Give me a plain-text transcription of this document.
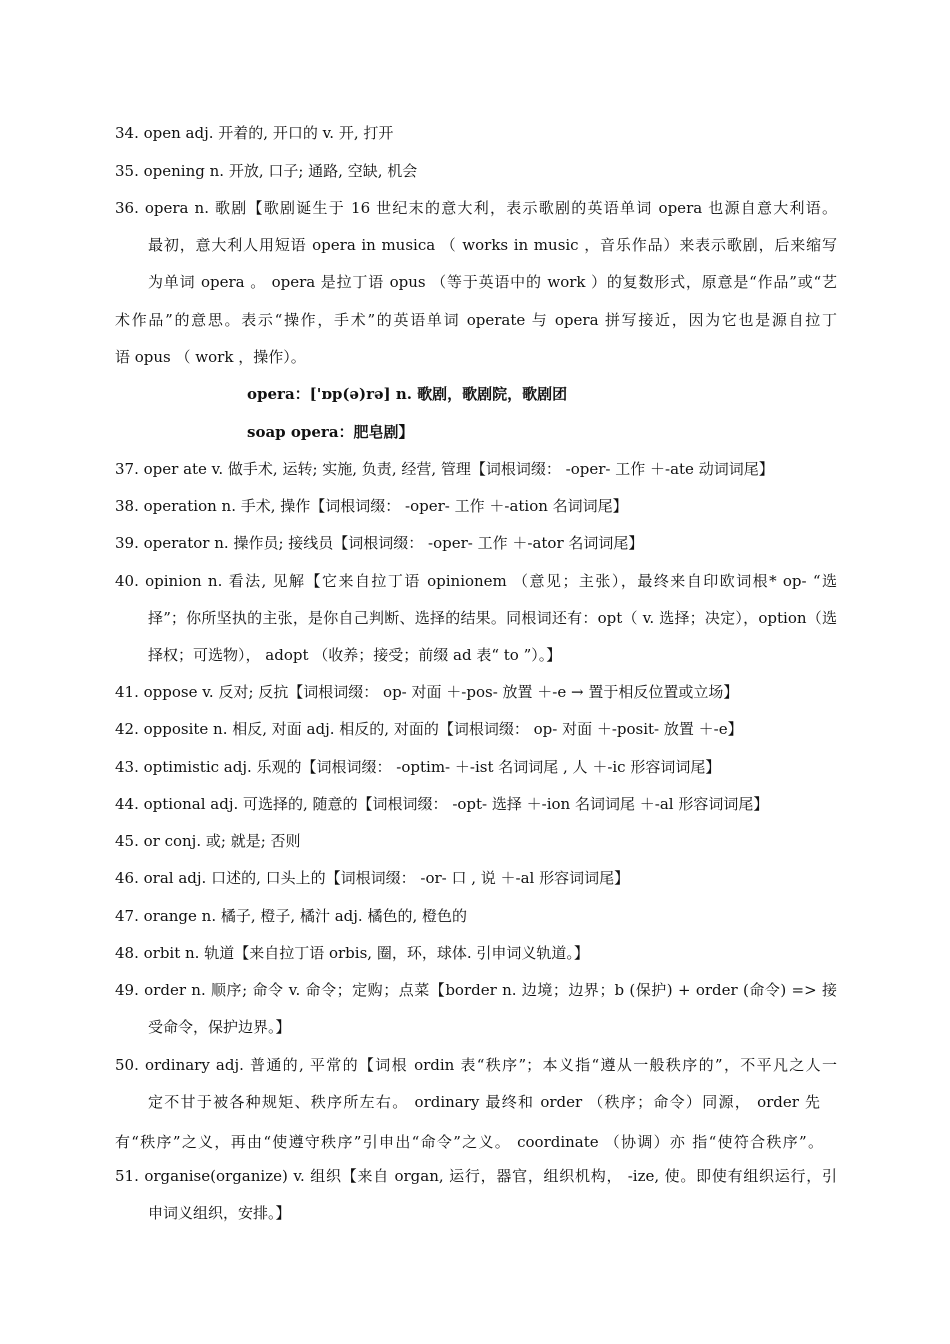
34. open adj. 开着的, 开口的 v. 开, 打开
35. opening n. 开放, 口子; 通路, 空缺, 机会
36. opera n. 歌剧【歌剧诞生于 16 世纪末的意大利，表示歌剧的英语单词 opera 也源自意大利语。
最初，意大利人用短语 opera in musica （ works in music ，音乐作品）来表示歌剧，后来缩写
为单词 opera 。 opera 是拉丁语 opus （等于英语中的 work ）的复数形式，原意是“作品”或“艺
术作品”的意思。表示“操作，手术”的英语单词 operate 与 opera 拼写接近，因为它也是源自拉丁
语 opus （ work ，操作）。
opera：['ɒp(ə)rə] n. 歌剧，歌剧院，歌剧团
soap opera：肥皂剧】
37. oper ate v. 做手术, 运转; 实施, 负责, 经营, 管理【词根词缀： -oper- 工作 ＋-ate 动词词尾】
38. operation n. 手术, 操作【词根词缀： -oper- 工作 ＋-ation 名词词尾】
39. operator n. 操作员; 接线员【词根词缀： -oper- 工作 ＋-ator 名词词尾】
40. opinion n. 看法, 见解【它来自拉丁语 opinionem （意见；主张），最终来自印欧词根* op- “选
择”；你所坚执的主张，是你自己判断、选择的结果。同根词还有：opt（ v. 选择；决定），option（选
择权；可选物）， adopt （收养；接受；前缀 ad 表“ to ”）。】
41. oppose v. 反对; 反抗【词根词缀： op- 对面 ＋-pos- 放置 ＋-e → 置于相反位置或立场】
42. opposite n. 相反, 对面 adj. 相反的, 对面的【词根词缀： op- 对面 ＋-posit- 放置 ＋-e】
43. optimistic adj. 乐观的【词根词缀： -optim- ＋-ist 名词词尾 , 人 ＋-ic 形容词词尾】
44. optional adj. 可选择的, 随意的【词根词缀： -opt- 选择 ＋-ion 名词词尾 ＋-al 形容词词尾】
45. or conj. 或; 就是; 否则
46. oral adj. 口述的, 口头上的【词根词缀： -or- 口 , 说 ＋-al 形容词词尾】
47. orange n. 橘子, 橙子, 橘汁 adj. 橘色的, 橙色的
48. orbit n. 轨道【来自拉丁语 orbis, 圈，环，球体. 引申词义轨道。】
49. order n. 顺序; 命令 v. 命令；定购；点菜【border n. 边境；边界；b (保护) + order (命令) => 接
受命令，保护边界。】
50. ordinary adj. 普通的, 平常的【词根 ordin 表“秩序”；本义指“遵从一般秩序的”，不平凡之人一
定不甘于被各种规矩、秩序所左右。 ordinary 最终和 order （秩序；命令）同源， order 先
有“秩序”之义，再由“使遵守秩序”引申出“命令”之义。 coordinate （协调）亦 指“使符合秩序”。
51. organise(organize) v. 组织【来自 organ, 运行，器官，组织机构， -ize, 使。即使有组织运行，引
申词义组织，安排。】
